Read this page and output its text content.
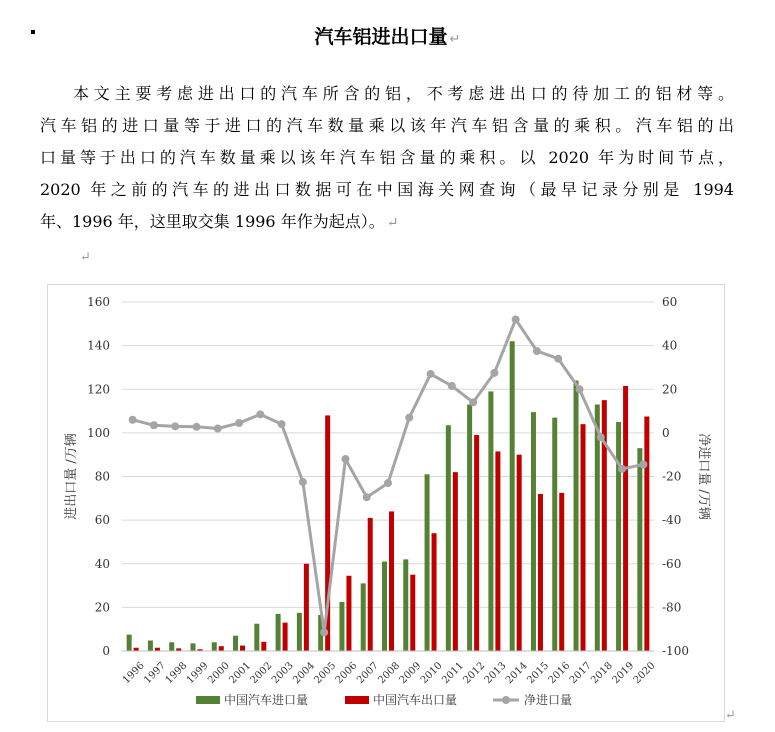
汽车铝进出口量 ↵
本文主要考虑进出口的汽车所含的铝，不考虑进出口的待加工的铝材等。
汽车铝的进口量等于进口的汽车数量乘以该年汽车铝含量的乘积。汽车铝的出
口量等于出口的汽车数量乘以该年汽车铝含量的乘积。以 2020 年为时间节点，
2020 年之前的汽车的进出口数据可在中国海关网查询（最早记录分别是 1994
年、1996 年，这里取交集 1996 年作为起点）。 ↵
↵
0
20
40
60
80
100
120
140
160
-100
-80
-60
-40
-20
0
20
40
60
1996
1997
1998
1999
2000
2001
2002
2003
2004
2005
2006
2007
2008
2009
2010
2011
2012
2013
2014
2015
2016
2017
2018
2019
2020
进出口量 /万辆	净进口量 /万辆
中国汽车进口量	中国汽车出口量	净进口量
↵
